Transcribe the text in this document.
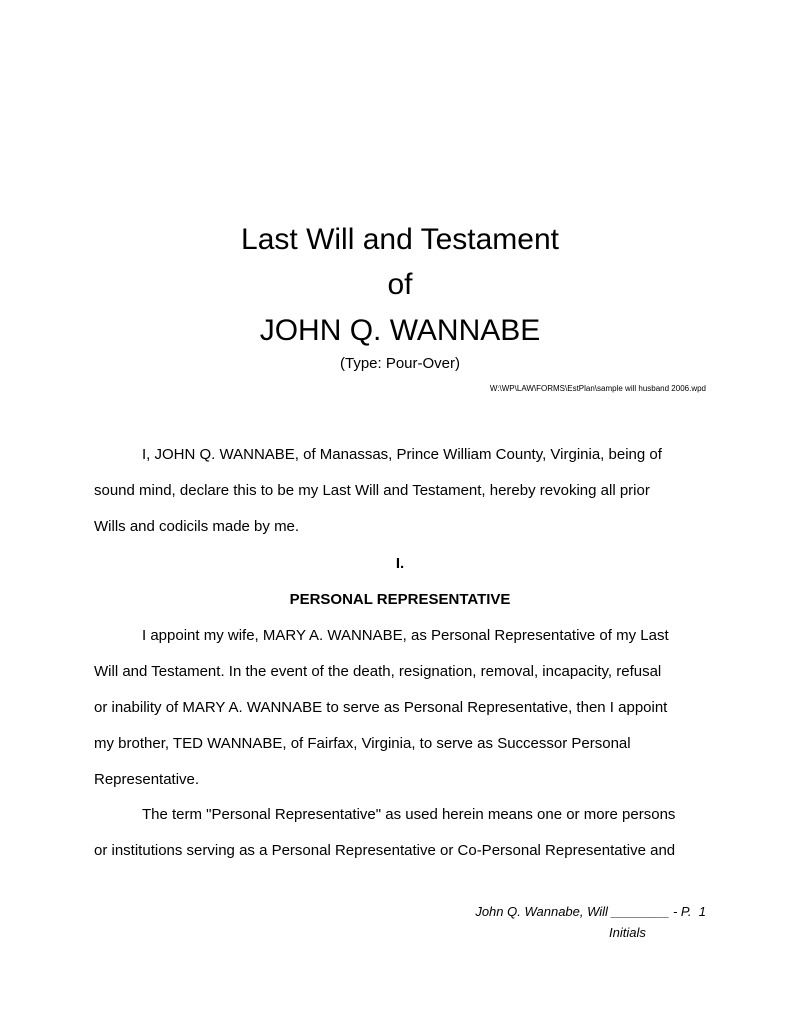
Last Will and Testament
of
JOHN Q. WANNABE
(Type: Pour-Over)
W:\WP\LAW\FORMS\EstPlan\sample will husband 2006.wpd
I, JOHN Q. WANNABE, of Manassas, Prince William County, Virginia, being of
sound mind, declare this to be my Last Will and Testament, hereby revoking all prior
Wills and codicils made by me.
I.
PERSONAL REPRESENTATIVE
I appoint my wife, MARY A. WANNABE, as Personal Representative of my Last
Will and Testament. In the event of the death, resignation, removal, incapacity, refusal
or inability of MARY A. WANNABE to serve as Personal Representative, then I appoint
my brother, TED WANNABE, of Fairfax, Virginia, to serve as Successor Personal
Representative.
The term "Personal Representative" as used herein means one or more persons
or institutions serving as a Personal Representative or Co-Personal Representative and
John Q. Wannabe, Will ________ - P.  1
Initials
